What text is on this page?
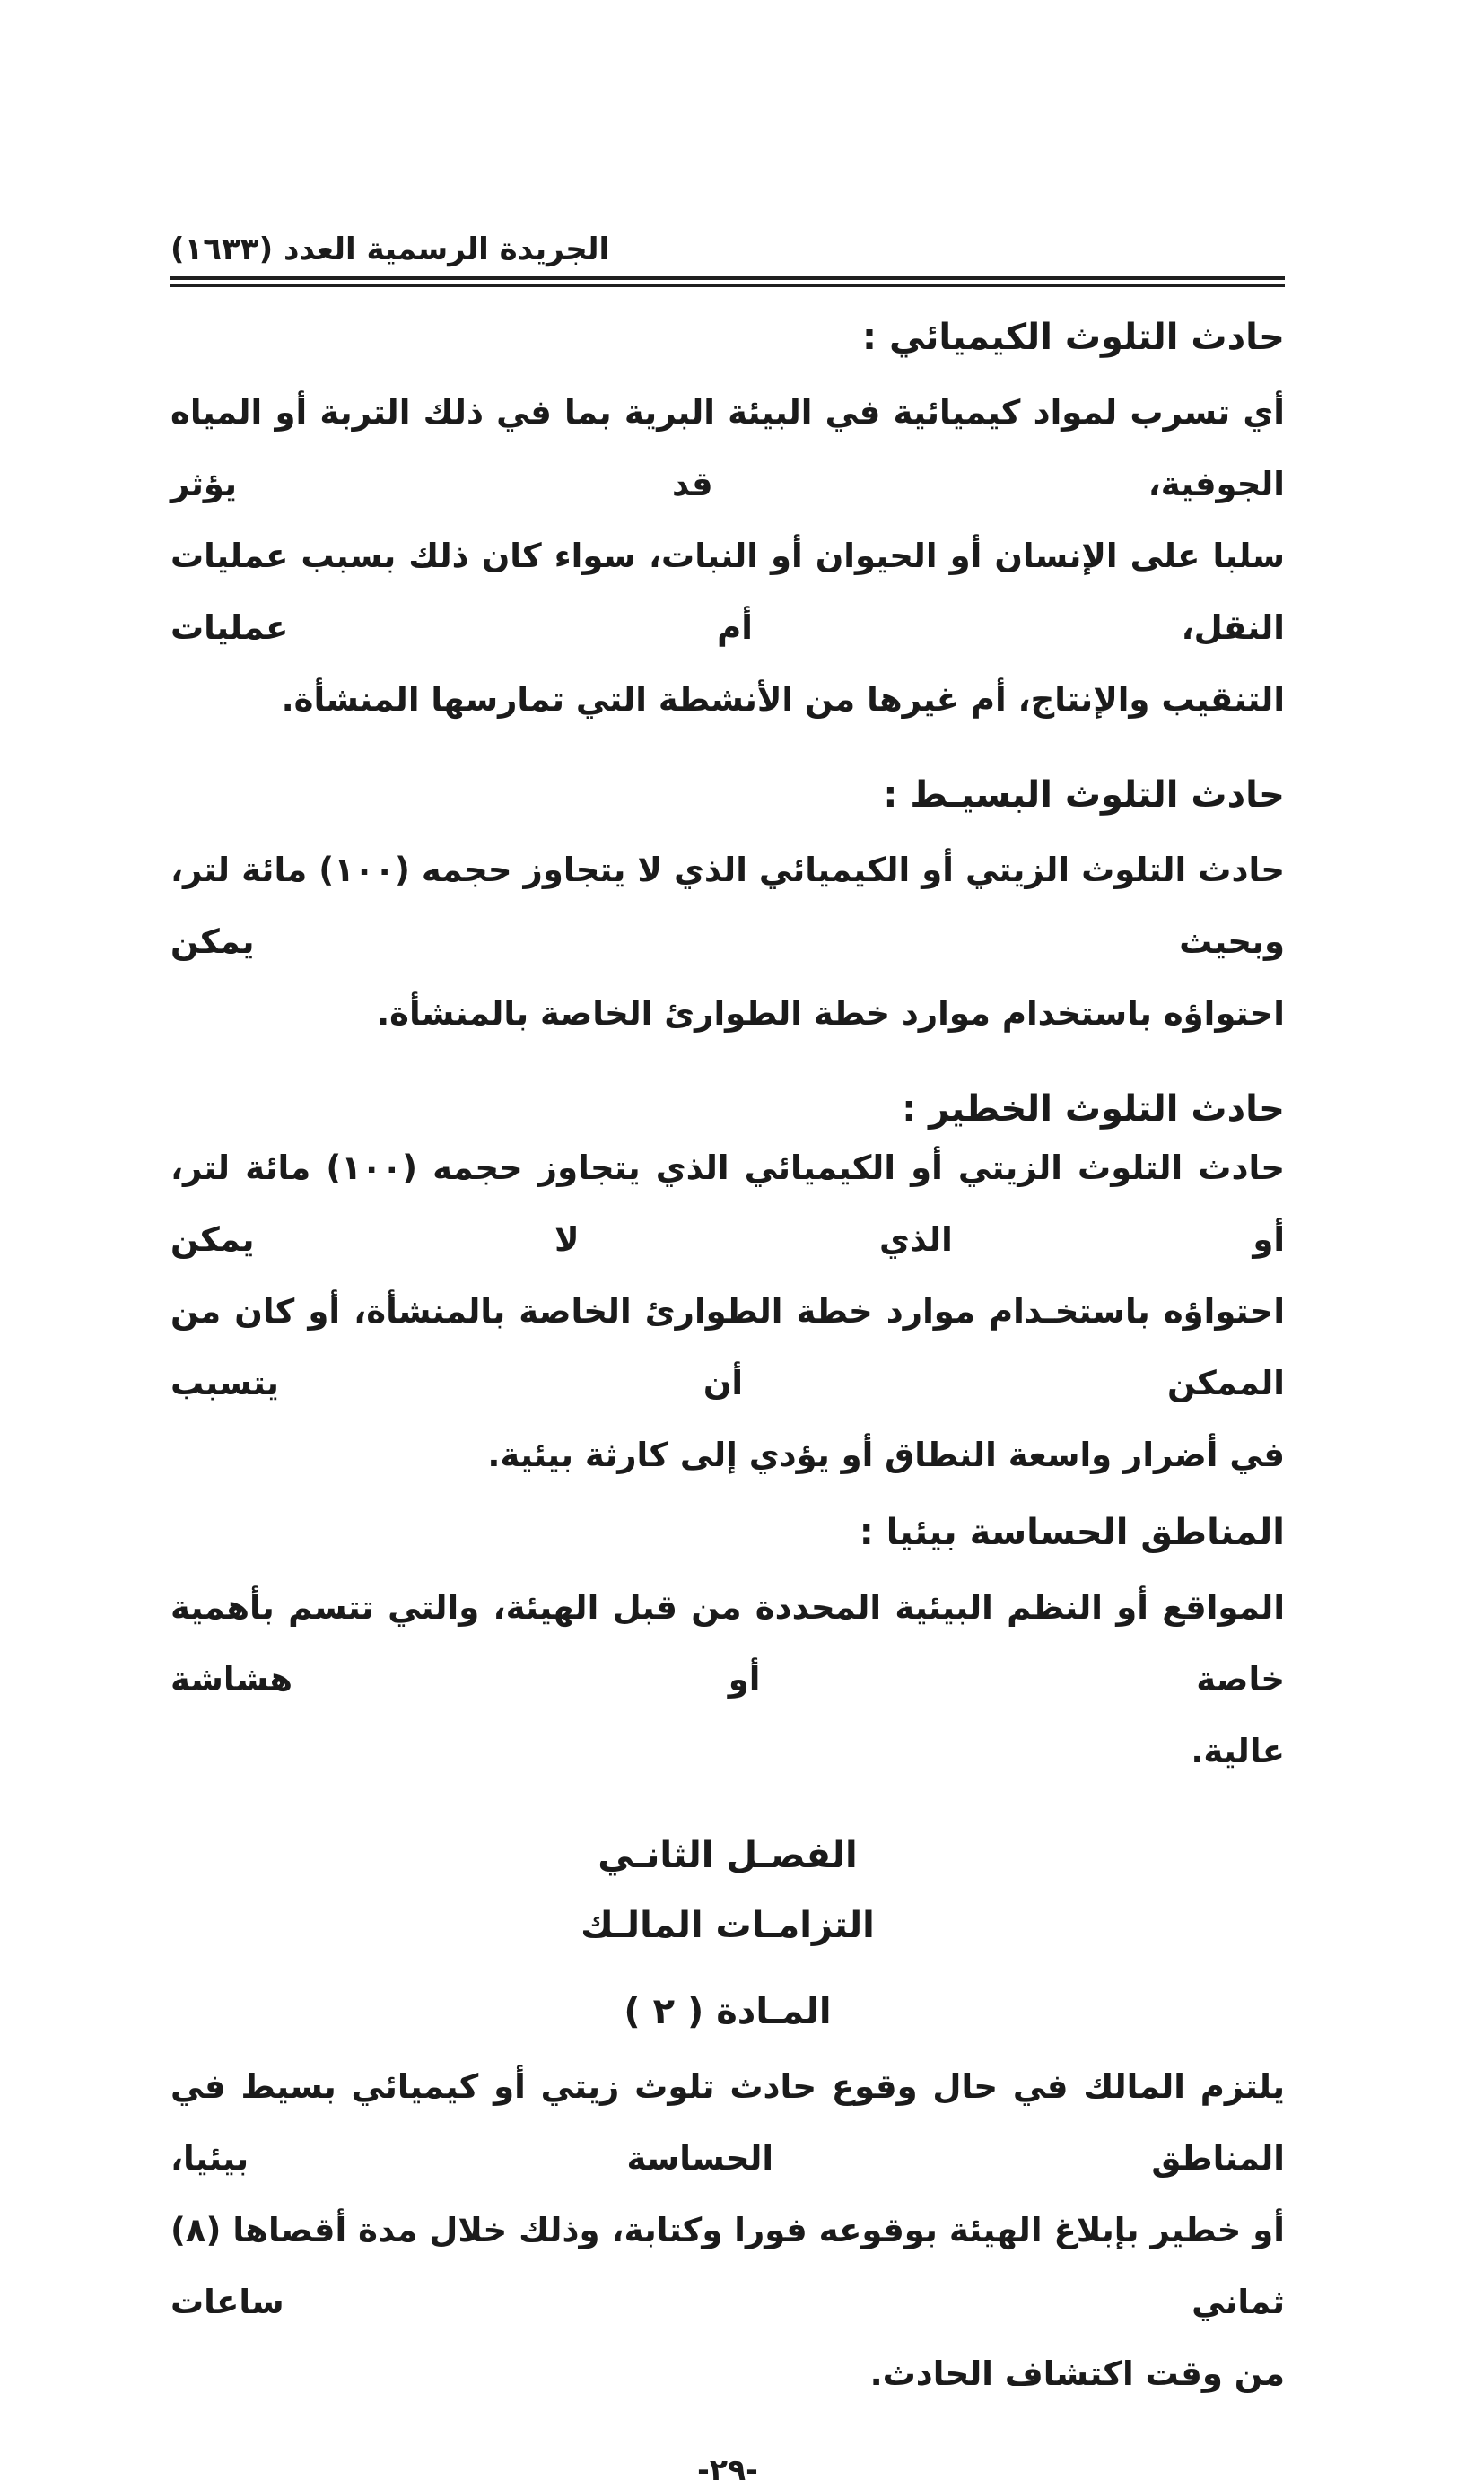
الجريدة الرسمية العدد (١٦٣٣)
حادث التلوث الكيميائي :
أي تسرب لمواد كيميائية في البيئة البرية بما في ذلك التربة أو المياه الجوفية، قد يؤثر
سلبا على الإنسان أو الحيوان أو النبات، سواء كان ذلك بسبب عمليات النقل، أم عمليات
التنقيب والإنتاج، أم غيرها من الأنشطة التي تمارسها المنشأة.
حادث التلوث البسيـط :
حادث التلوث الزيتي أو الكيميائي الذي لا يتجاوز حجمه (١٠٠) مائة لتر، وبحيث يمكن
احتواؤه باستخدام موارد خطة الطوارئ الخاصة بالمنشأة.
حادث التلوث الخطير :
حادث التلوث الزيتي أو الكيميائي الذي يتجاوز حجمه (١٠٠) مائة لتر، أو الذي لا يمكن
احتواؤه باستخـدام موارد خطة الطوارئ الخاصة بالمنشأة، أو كان من الممكن أن يتسبب
في أضرار واسعة النطاق أو يؤدي إلى كارثة بيئية.
المناطق الحساسة بيئيا :
المواقع أو النظم البيئية المحددة من قبل الهيئة، والتي تتسم بأهمية خاصة أو هشاشة
عالية.
الفصـل الثانـي
التزامـات المالـك
المـادة ( ٢ )
يلتزم المالك في حال وقوع حادث تلوث زيتي أو كيميائي بسيط في المناطق الحساسة بيئيا،
أو خطير بإبلاغ الهيئة بوقوعه فورا وكتابة، وذلك خلال مدة أقصاها (٨) ثماني ساعات
من وقت اكتشاف الحادث.
-٢٩-
